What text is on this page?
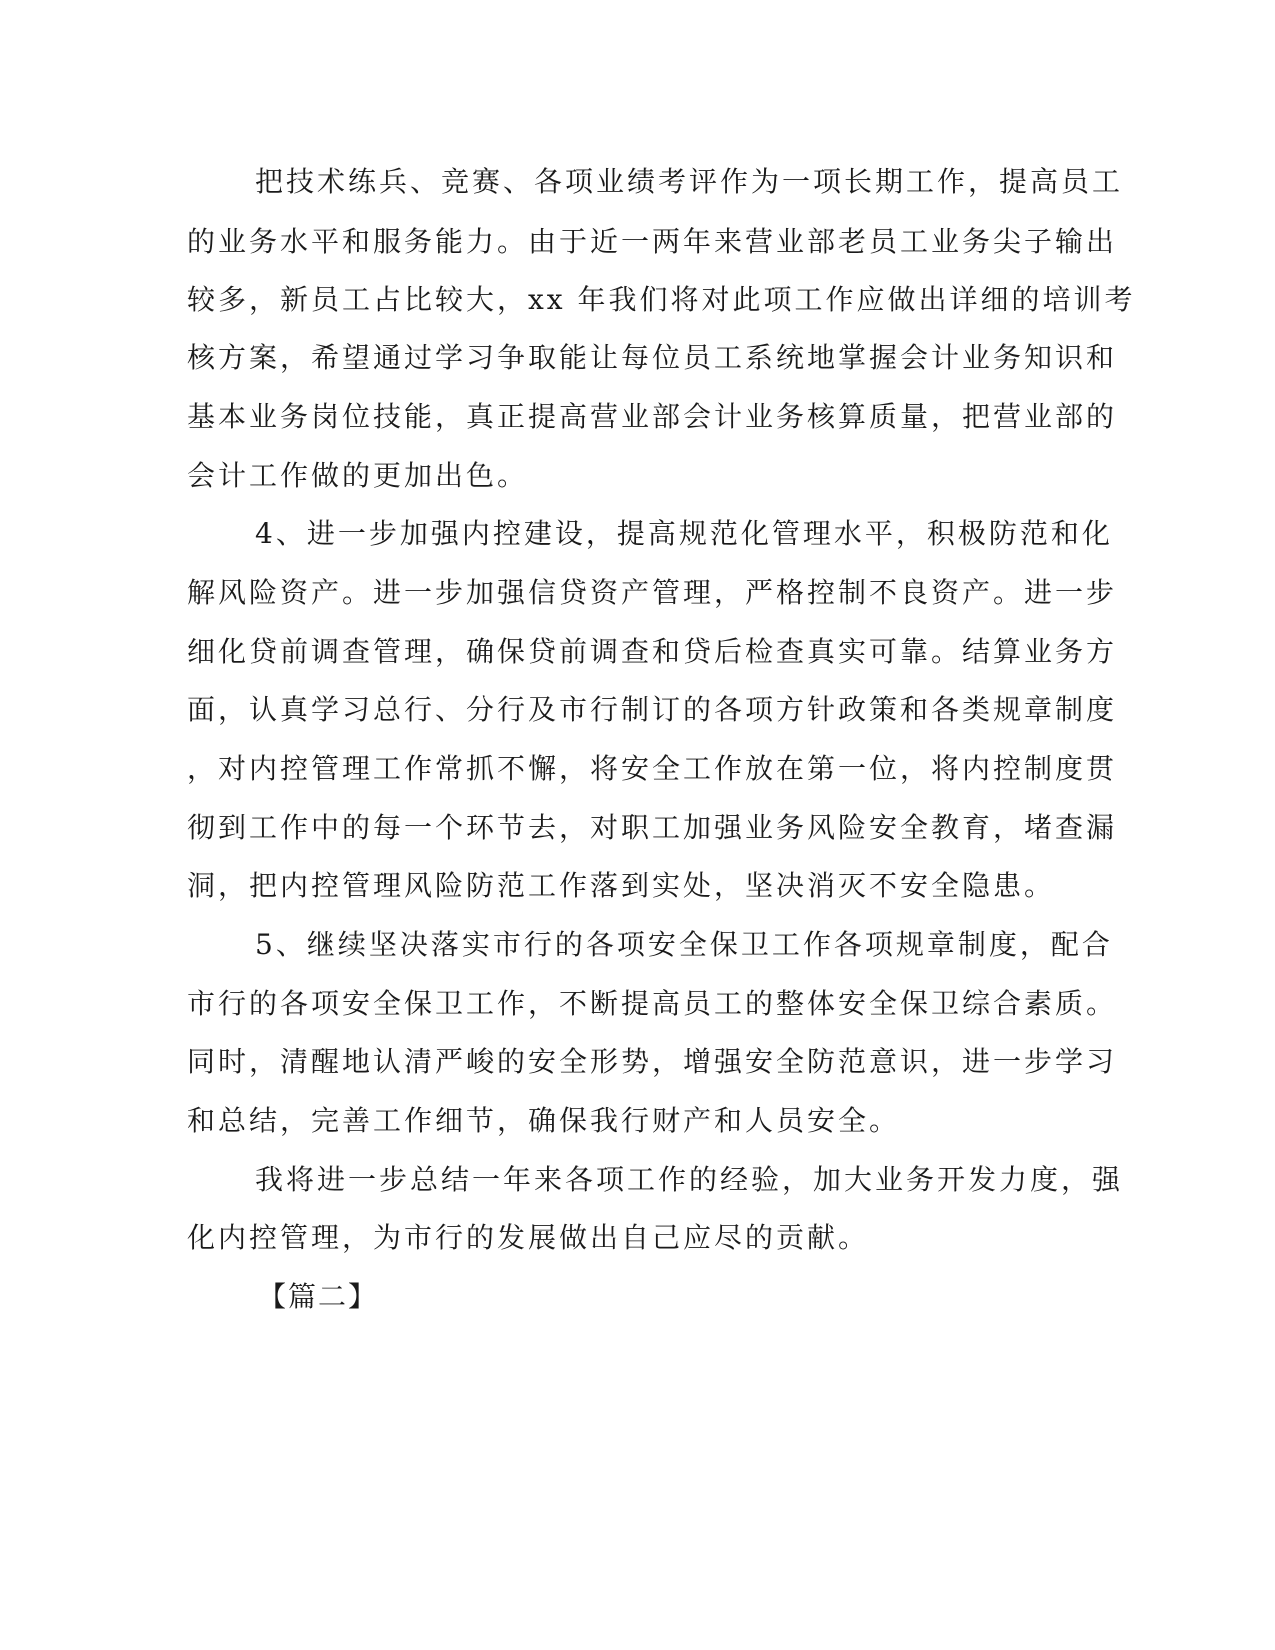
把技术练兵、竞赛、各项业绩考评作为一项长期工作，提高员工
的业务水平和服务能力。由于近一两年来营业部老员工业务尖子输出
较多，新员工占比较大，xx 年我们将对此项工作应做出详细的培训考
核方案，希望通过学习争取能让每位员工系统地掌握会计业务知识和
基本业务岗位技能，真正提高营业部会计业务核算质量，把营业部的
会计工作做的更加出色。
4、进一步加强内控建设，提高规范化管理水平，积极防范和化
解风险资产。进一步加强信贷资产管理，严格控制不良资产。进一步
细化贷前调查管理，确保贷前调查和贷后检查真实可靠。结算业务方
面，认真学习总行、分行及市行制订的各项方针政策和各类规章制度
，对内控管理工作常抓不懈，将安全工作放在第一位，将内控制度贯
彻到工作中的每一个环节去，对职工加强业务风险安全教育，堵查漏
洞，把内控管理风险防范工作落到实处，坚决消灭不安全隐患。
5、继续坚决落实市行的各项安全保卫工作各项规章制度，配合
市行的各项安全保卫工作，不断提高员工的整体安全保卫综合素质。
同时，清醒地认清严峻的安全形势，增强安全防范意识，进一步学习
和总结，完善工作细节，确保我行财产和人员安全。
我将进一步总结一年来各项工作的经验，加大业务开发力度，强
化内控管理，为市行的发展做出自己应尽的贡献。
【篇二】
